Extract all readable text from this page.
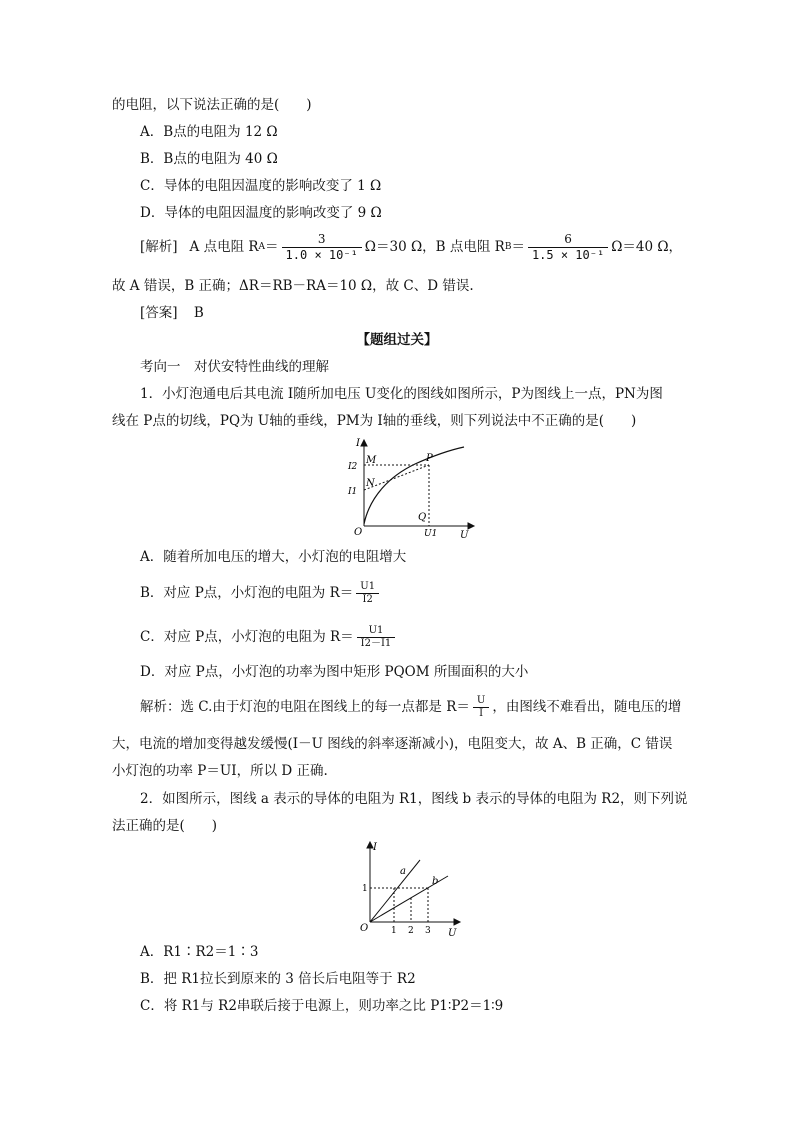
的电阻，以下说法正确的是(　　)
A．B点的电阻为 12 Ω
B．B点的电阻为 40 Ω
C．导体的电阻因温度的影响改变了 1 Ω
D．导体的电阻因温度的影响改变了 9 Ω
[解析] A 点电阻 R $A = \frac{3}{\text{1.0 × 10⁻¹}} \Omega=30$ Ω，B 点电阻 R $B = \frac{6}{\text{1.5 × 10⁻¹}} \Omega=40$ Ω，
故 A 错误，B 正确；ΔR＝RB－RA＝10 Ω，故 C、D 错误.
[答案] B
【题组过关】
考向一　对伏安特性曲线的理解
1．小灯泡通电后其电流 I随所加电压 U变化的图线如图所示，P为图线上一点，PN为图
线在 P点的切线，PQ为 U轴的垂线，PM为 I轴的垂线，则下列说法中不正确的是(　　)
I
U
O
I2
I1
U1
M
N
P
Q
A．随着所加电压的增大，小灯泡的电阻增大
B．对应 P点，小灯泡的电阻为 $R= \frac{U1}{I2}$
C．对应 P点，小灯泡的电阻为 $R= \frac{U1}{I2-I1}$
D．对应 P点，小灯泡的功率为图中矩形 PQOM 所围面积的大小
解析：选 C.由于灯泡的电阻在图线上的每一点都是 $R= \frac{U}{I}$ ，由图线不难看出，随电压的增
大，电流的增加变得越发缓慢(I－U 图线的斜率逐渐减小)，电阻变大，故 A、B 正确，C 错误
小灯泡的功率 P＝UI，所以 D 正确.
2．如图所示，图线 a 表示的导体的电阻为 R1，图线 b 表示的导体的电阻为 R2，则下列说
法正确的是(　　)
I
U
O
1
1 2 3
a
b
A．R1∶R2＝1∶3
B．把 R1拉长到原来的 3 倍长后电阻等于 R2
C．将 R1与 R2串联后接于电源上，则功率之比 P1∶P2＝1∶9
